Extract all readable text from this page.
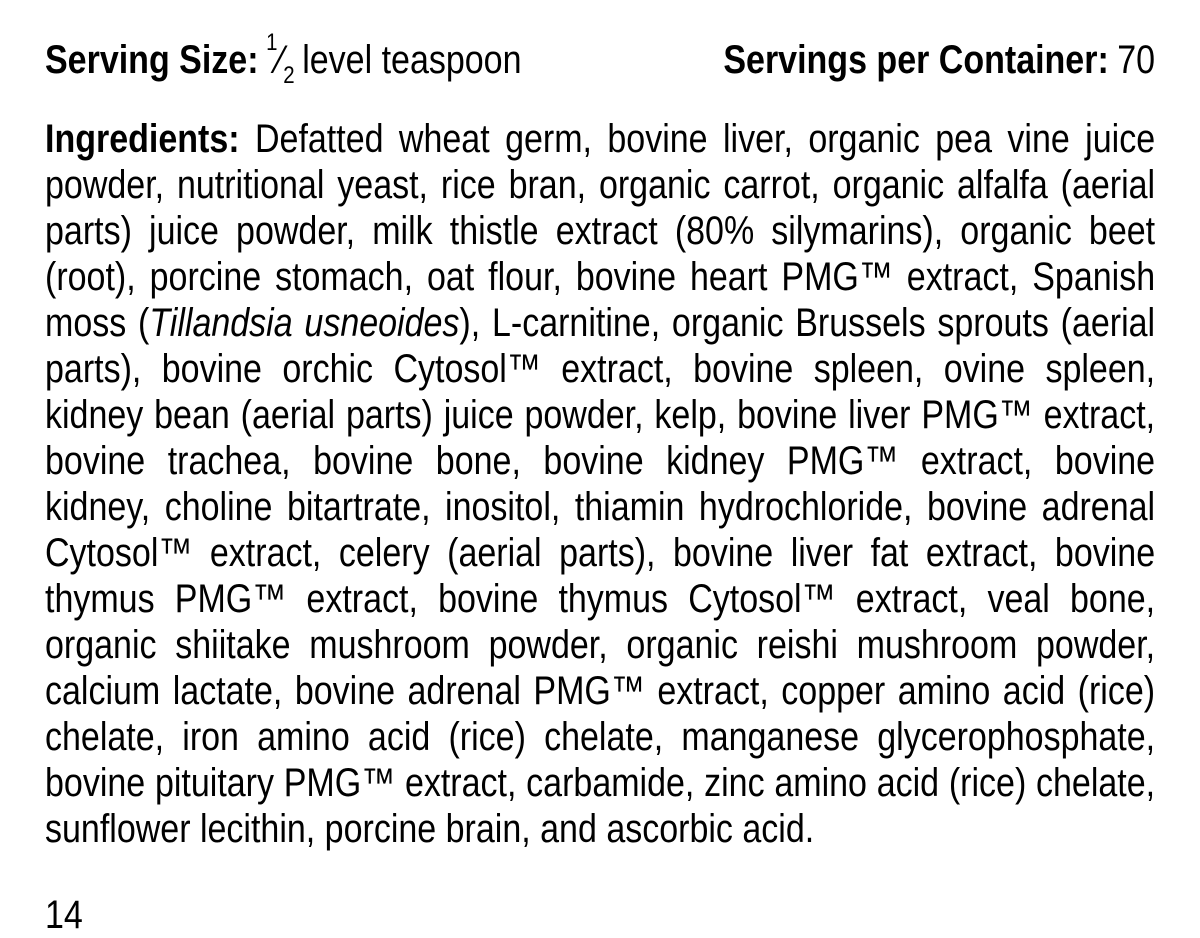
Serving Size: $^1⁄_2$ level teaspoon	Servings per Container: 70

Ingredients: Defatted wheat germ, bovine liver, organic pea vine juice powder, nutritional yeast, rice bran, organic carrot, organic alfalfa (aerial parts) juice powder, milk thistle extract (80% silymarins), organic beet (root), porcine stomach, oat flour, bovine heart PMG™ extract, Spanish moss (Tillandsia usneoides), L-carnitine, organic Brussels sprouts (aerial parts), bovine orchic Cytosol™ extract, bovine spleen, ovine spleen, kidney bean (aerial parts) juice powder, kelp, bovine liver PMG™ extract, bovine trachea, bovine bone, bovine kidney PMG™ extract, bovine kidney, choline bitartrate, inositol, thiamin hydrochloride, bovine adrenal Cytosol™ extract, celery (aerial parts), bovine liver fat extract, bovine thymus PMG™ extract, bovine thymus Cytosol™ extract, veal bone, organic shiitake mushroom powder, organic reishi mushroom powder, calcium lactate, bovine adrenal PMG™ extract, copper amino acid (rice) chelate, iron amino acid (rice) chelate, manganese glycerophosphate, bovine pituitary PMG™ extract, carbamide, zinc amino acid (rice) chelate, sunflower lecithin, porcine brain, and ascorbic acid.

14
